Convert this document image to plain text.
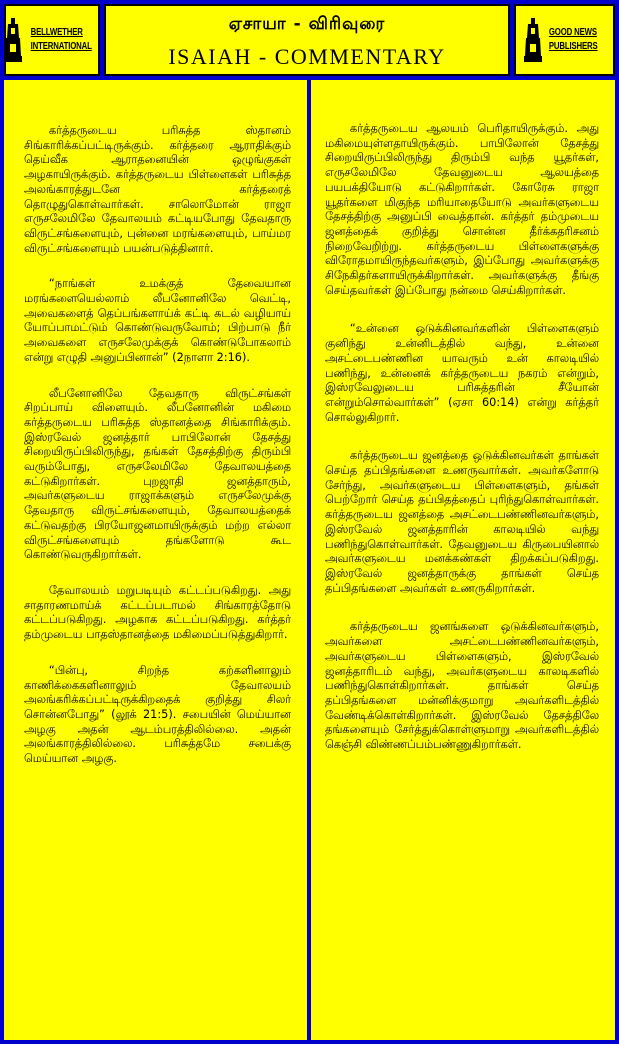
BELLWETHER
INTERNATIONAL
ஏசாயா - விரிவுரை
ISAIAH - COMMENTARY
GOOD NEWS
PUBLISHERS

கர்த்தருடைய பரிசுத்த ஸ்தானம் சிங்காரிக்கப்பட்டிருக்கும். கர்த்தரை ஆராதிக்கும் தெய்வீக ஆராதனையின் ஒழுங்குகள் அழகாயிருக்கும். கர்த்தருடைய பிள்ளைகள் பரிசுத்த அலங்காரத்துடனே கர்த்தரைத் தொழுதுகொள்வார்கள். சாலொமோன் ராஜா எருசலேமிலே தேவாலயம் கட்டியபோது தேவதாரு விருட்சங்களையும், புன்னை மரங்களையும், பாய்மர விருட்சங்களையும் பயன்படுத்தினார்.

“நாங்கள் உமக்குத் தேவையான மரங்களையெல்லாம் லீபனோனிலே வெட்டி, அவைகளைத் தெப்பங்களாய்க் கட்டி கடல் வழியாய் யோப்பாமட்டும் கொண்டுவருவோம்; பிற்பாடு நீர் அவைகளை எருசலேமுக்குக் கொண்டுபோகலாம் என்று எழுதி அனுப்பினான்” (2நாளா 2:16).

லீபனோனிலே தேவதாரு விருட்சங்கள் சிறப்பாய் விளையும். லீபனோனின் மகிமை கர்த்தருடைய பரிசுத்த ஸ்தானத்தை சிங்காரிக்கும். இஸ்ரவேல் ஜனத்தார் பாபிலோன் தேசத்து சிறையிருப்பிலிருந்து, தங்கள் தேசத்திற்கு திரும்பி வரும்போது, எருசலேமிலே தேவாலயத்தை கட்டுகிறார்கள். புறஜாதி ஜனத்தாரும், அவர்களுடைய ராஜாக்களும் எருசலேமுக்கு தேவதாரு விருட்சங்களையும், தேவாலயத்தைக் கட்டுவதற்கு பிரயோஜனமாயிருக்கும் மற்ற எல்லா விருட்சங்களையும் தங்களோடு கூட கொண்டுவருகிறார்கள்.

தேவாலயம் மறுபடியும் கட்டப்படுகிறது. அது சாதாரணமாய்க் கட்டப்படாமல் சிங்காரத்தோடு கட்டப்படுகிறது. அழகாக கட்டப்படுகிறது. கர்த்தர் தம்முடைய பாதஸ்தானத்தை மகிமைப்படுத்துகிறார்.

“பின்பு, சிறந்த கற்களினாலும் காணிக்கைகளினாலும் தேவாலயம் அலங்கரிக்கப்பட்டிருக்கிறதைக் குறித்து சிலர் சொன்னபோது” (லூக் 21:5). சபையின் மெய்யான அழகு அதன் ஆடம்பரத்திலில்லை. அதன் அலங்காரத்திலில்லை. பரிசுத்தமே சபைக்கு மெய்யான அழகு.

கர்த்தருடைய ஆலயம் பெரிதாயிருக்கும். அது மகிமையுள்ளதாயிருக்கும். பாபிலோன் தேசத்து சிறையிருப்பிலிருந்து திரும்பி வந்த யூதர்கள், எருசலேமிலே தேவனுடைய ஆலயத்தை பயபக்தியோடு கட்டுகிறார்கள். கோரேசு ராஜா யூதர்களை மிகுந்த மரியாதையோடு அவர்களுடைய தேசத்திற்கு அனுப்பி வைத்தான். கர்த்தர் தம்முடைய ஜனத்தைக் குறித்து சொன்ன தீர்க்கதரிசனம் நிறைவேறிற்று. கர்த்தருடைய பிள்ளைகளுக்கு விரோதமாயிருந்தவர்களும், இப்போது அவர்களுக்கு சிநேகிதர்களாயிருக்கிறார்கள். அவர்களுக்கு தீங்கு செய்தவர்கள் இப்போது நன்மை செய்கிறார்கள்.

“உன்னை ஒடுக்கினவர்களின் பிள்ளைகளும் குனிந்து உன்னிடத்தில் வந்து, உன்னை அசட்டைபண்ணின யாவரும் உன் காலடியில் பணிந்து, உன்னைக் கர்த்தருடைய நகரம் என்றும், இஸ்ரவேலுடைய பரிசுத்தரின் சீயோன் என்றும்சொல்வார்கள்” (ஏசா 60:14) என்று கர்த்தர் சொல்லுகிறார்.

கர்த்தருடைய ஜனத்தை ஒடுக்கினவர்கள் தாங்கள் செய்த தப்பிதங்களை உணருவார்கள். அவர்களோடு சேர்ந்து, அவர்களுடைய பிள்ளைகளும், தங்கள் பெற்றோர் செய்த தப்பிதத்தைப் புரிந்துகொள்வார்கள். கர்த்தருடைய ஜனத்தை அசட்டைபண்ணினவர்களும், இஸ்ரவேல் ஜனத்தாரின் காலடியில் வந்து பணிந்துகொள்வார்கள். தேவனுடைய கிருபையினால் அவர்களுடைய மனக்கண்கள் திறக்கப்படுகிறது. இஸ்ரவேல் ஜனத்தாருக்கு தாங்கள் செய்த தப்பிதங்களை அவர்கள் உணருகிறார்கள்.

கர்த்தருடைய ஜனங்களை ஒடுக்கினவர்களும், அவர்களை அசட்டைபண்ணினவர்களும், அவர்களுடைய பிள்ளைகளும், இஸ்ரவேல் ஜனத்தாரிடம் வந்து, அவர்களுடைய காலடிகளில் பணிந்துகொள்கிறார்கள். தாங்கள் செய்த தப்பிதங்களை மன்னிக்குமாறு அவர்களிடத்தில் வேண்டிக்கொள்கிறார்கள். இஸ்ரவேல் தேசத்திலே தங்களையும் சேர்த்துக்கொள்ளுமாறு அவர்களிடத்தில் கெஞ்சி விண்ணப்பம்பண்ணுகிறார்கள்.
